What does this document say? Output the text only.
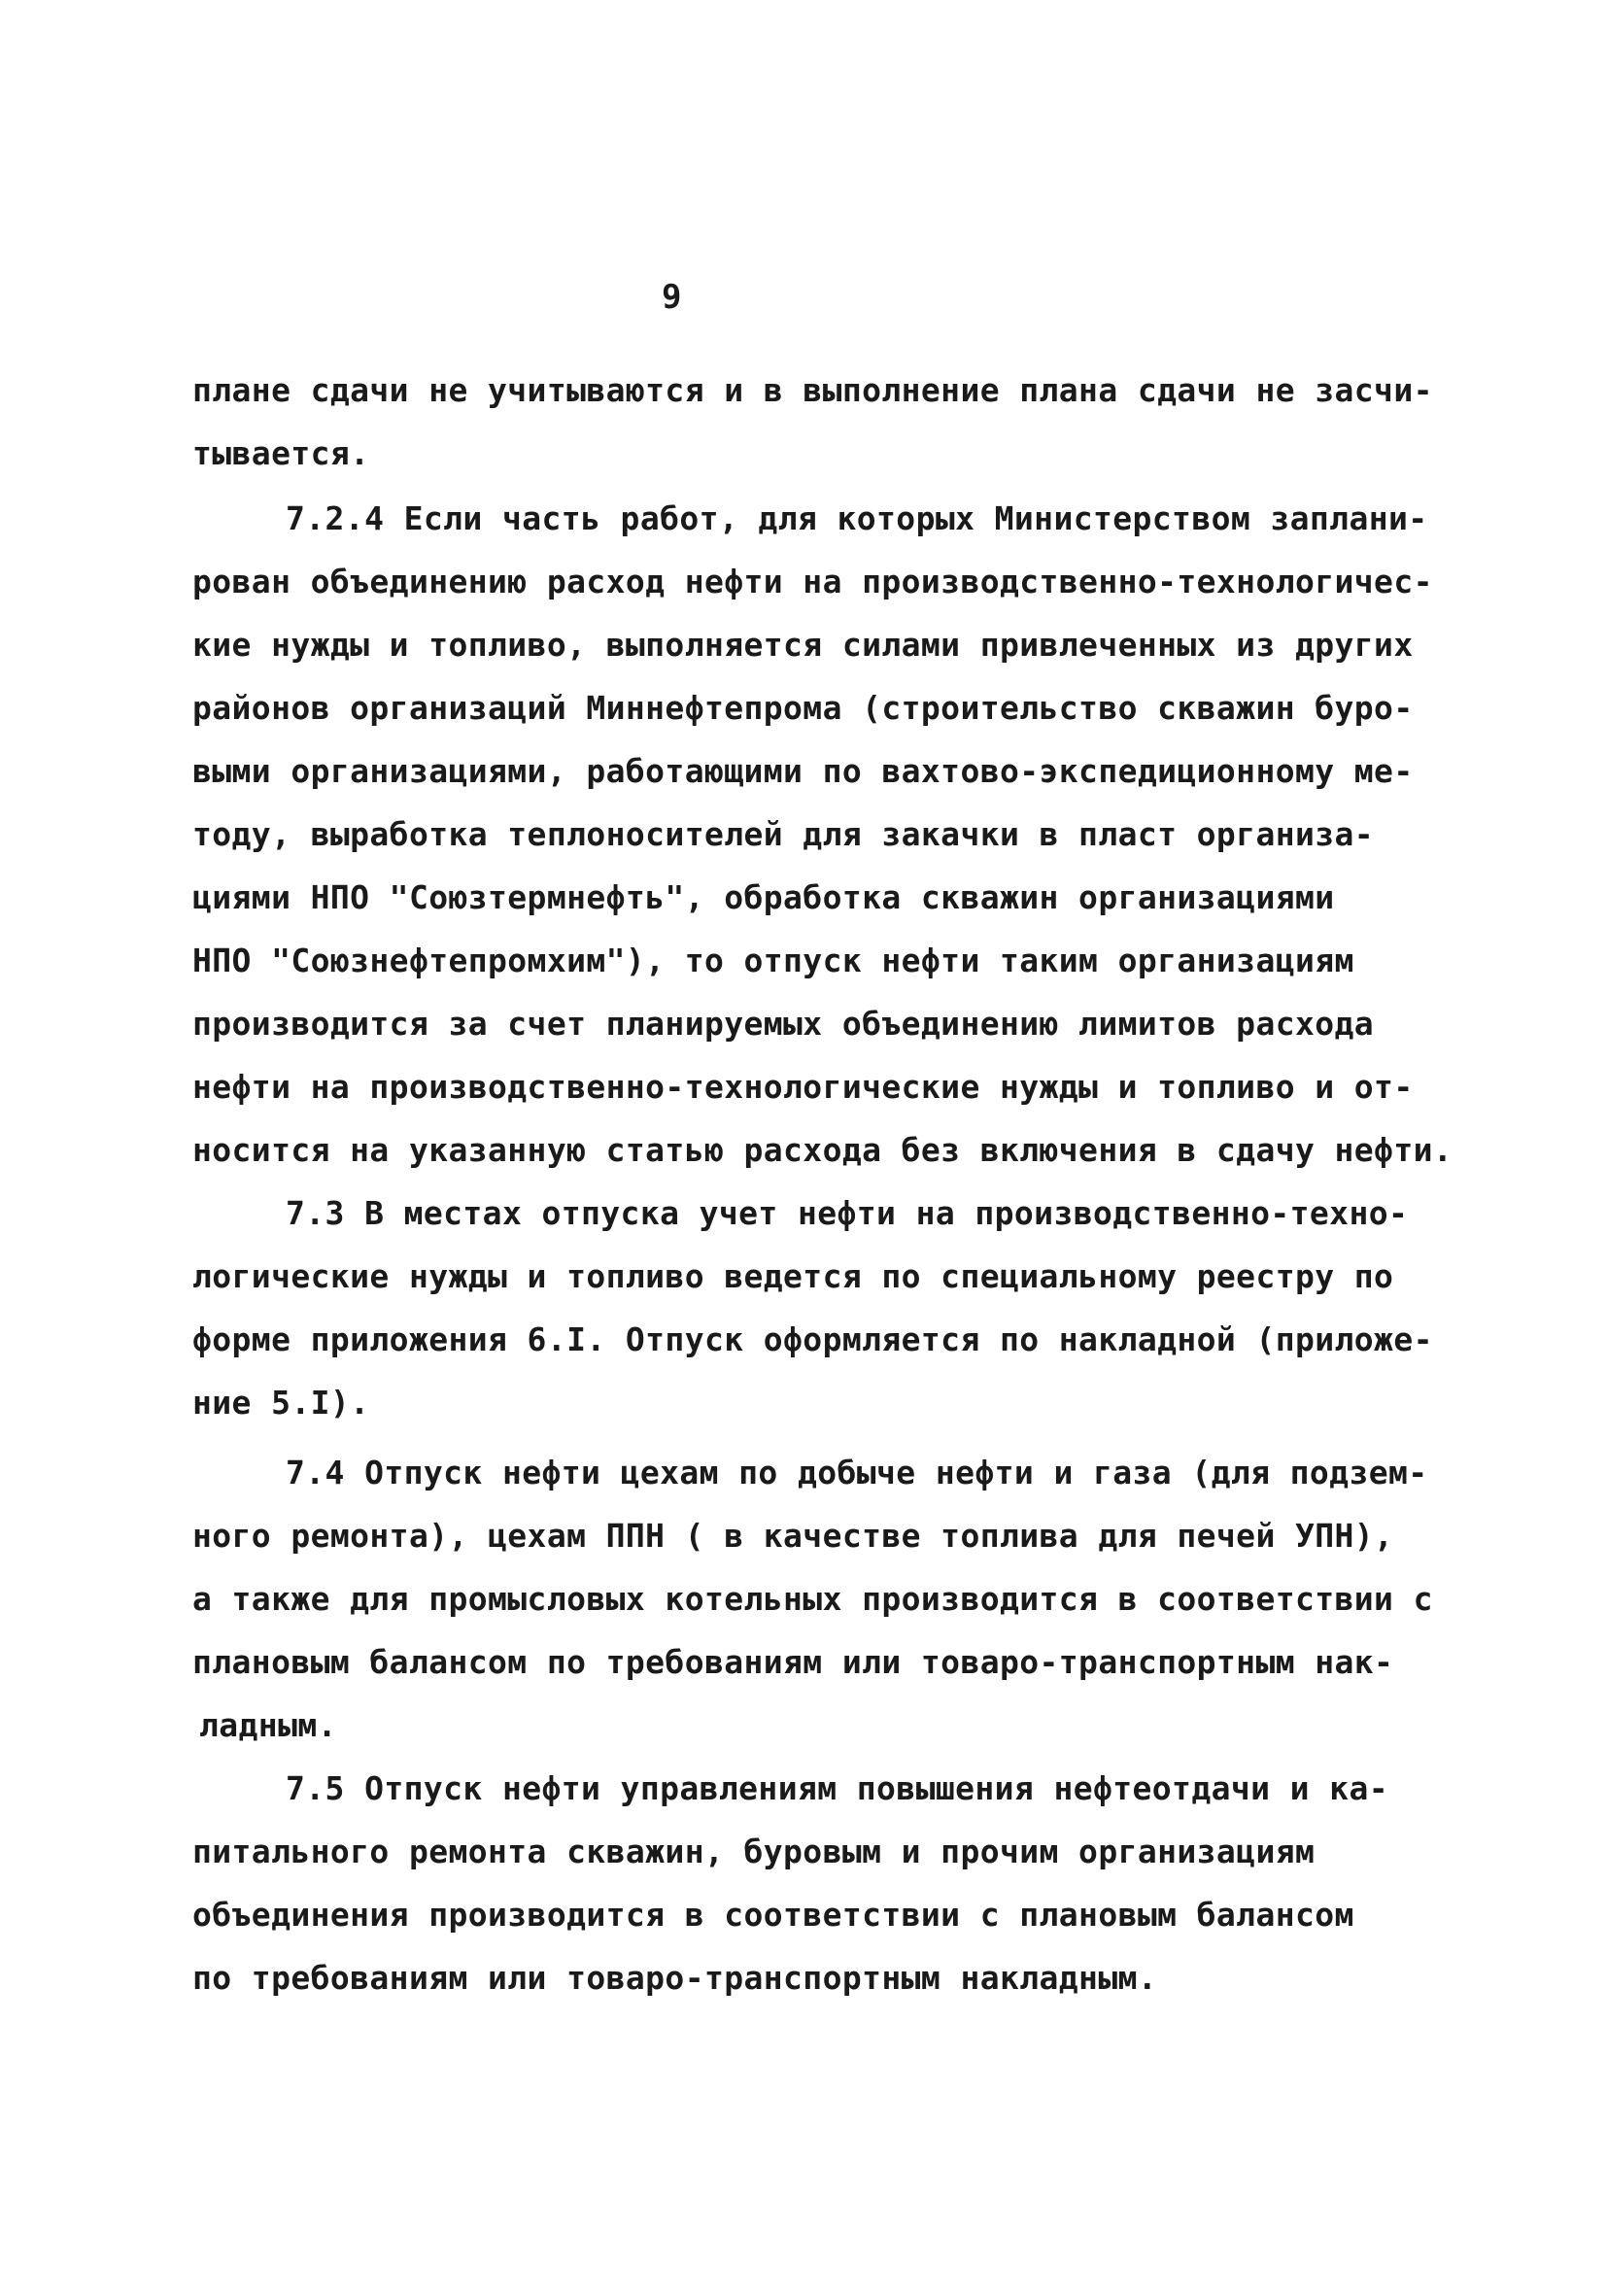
9
плане сдачи не учитываются и в выполнение плана сдачи не засчи-
тывается.
7.2.4 Если часть работ, для которых Министерством заплани-
рован объединению расход нефти на производственно-технологичес-
кие нужды и топливо, выполняется силами привлеченных из других
районов организаций Миннефтепрома (строительство скважин буро-
выми организациями, работающими по вахтово-экспедиционному ме-
тоду, выработка теплоносителей для закачки в пласт организа-
циями НПО "Союзтермнефть", обработка скважин организациями
НПО "Союзнефтепромхим"), то отпуск нефти таким организациям
производится за счет планируемых объединению лимитов расхода
нефти на производственно-технологические нужды и топливо и от-
носится на указанную статью расхода без включения в сдачу нефти.
7.3 В местах отпуска учет нефти на производственно-техно-
логические нужды и топливо ведется по специальному реестру по
форме приложения 6.I. Отпуск оформляется по накладной (приложе-
ние 5.I).
7.4 Отпуск нефти цехам по добыче нефти и газа (для подзем-
ного ремонта), цехам ППН ( в качестве топлива для печей УПН),
а также для промысловых котельных производится в соответствии с
плановым балансом по требованиям или товаро-транспортным нак-
ладным.
7.5 Отпуск нефти управлениям повышения нефтеотдачи и ка-
питального ремонта скважин, буровым и прочим организациям
объединения производится в соответствии с плановым балансом
по требованиям или товаро-транспортным накладным.
